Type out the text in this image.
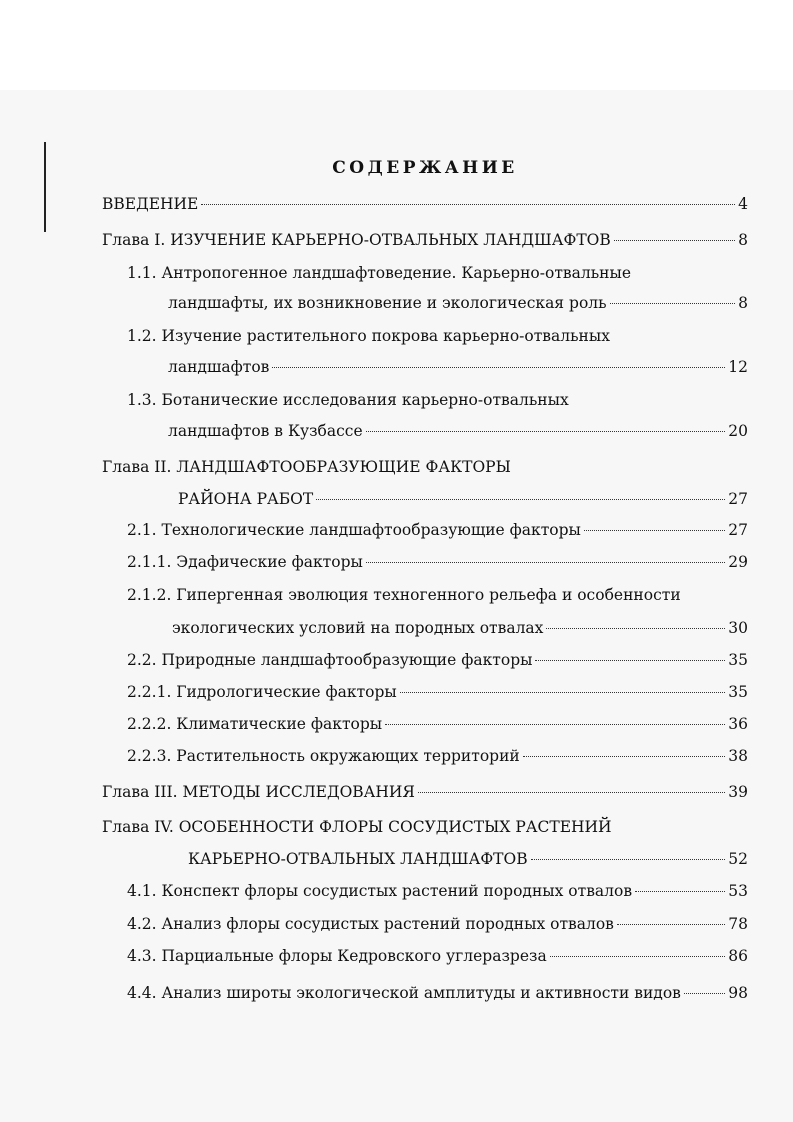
СОДЕРЖАНИЕ
ВВЕДЕНИЕ	4
Глава I. ИЗУЧЕНИЕ КАРЬЕРНО-ОТВАЛЬНЫХ ЛАНДШАФТОВ	8
1.1. Антропогенное ландшафтоведение. Карьерно-отвальные
ландшафты, их возникновение и экологическая роль	8
1.2. Изучение растительного покрова карьерно-отвальных
ландшафтов	12
1.3. Ботанические исследования карьерно-отвальных
ландшафтов в Кузбассе	20
Глава II. ЛАНДШАФТООБРАЗУЮЩИЕ ФАКТОРЫ
РАЙОНА РАБОТ	27
2.1. Технологические ландшафтообразующие факторы	27
2.1.1. Эдафические факторы	29
2.1.2. Гипергенная эволюция техногенного рельефа и особенности
экологических условий на породных отвалах	30
2.2. Природные ландшафтообразующие факторы	35
2.2.1. Гидрологические факторы	35
2.2.2. Климатические факторы	36
2.2.3. Растительность окружающих территорий	38
Глава III. МЕТОДЫ ИССЛЕДОВАНИЯ	39
Глава IV. ОСОБЕННОСТИ ФЛОРЫ СОСУДИСТЫХ РАСТЕНИЙ
КАРЬЕРНО-ОТВАЛЬНЫХ ЛАНДШАФТОВ	52
4.1. Конспект флоры сосудистых растений породных отвалов	53
4.2. Анализ флоры сосудистых растений породных отвалов	78
4.3. Парциальные флоры Кедровского углеразреза	86
4.4. Анализ широты экологической амплитуды и активности видов	98
